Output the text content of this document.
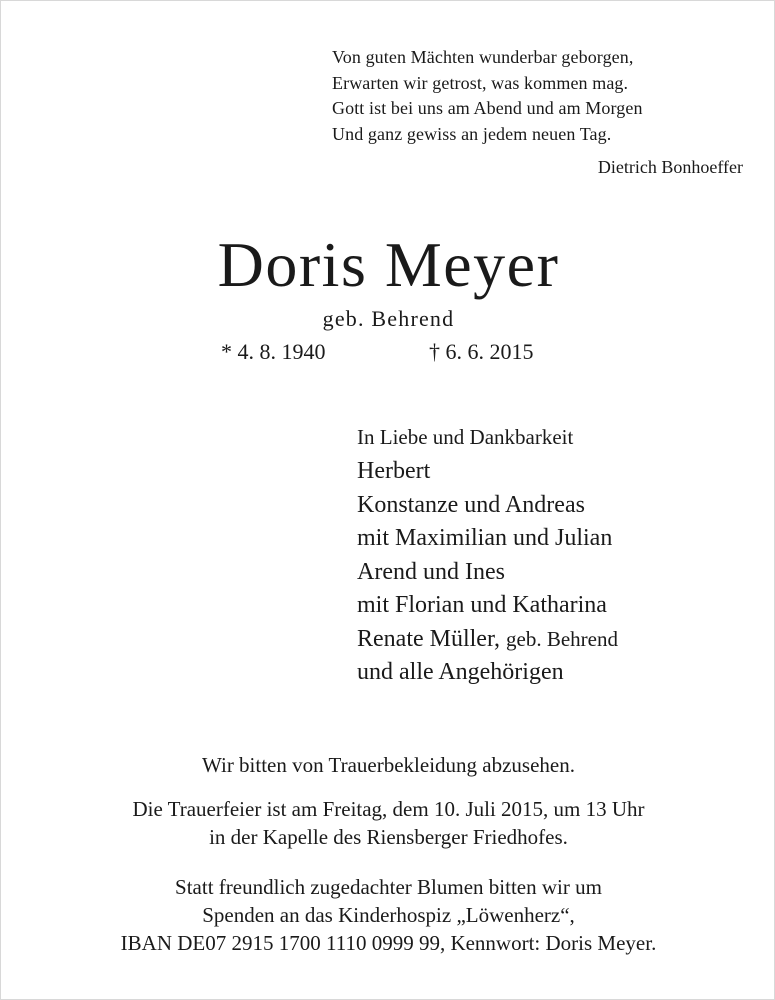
Von guten Mächten wunderbar geborgen,
Erwarten wir getrost, was kommen mag.
Gott ist bei uns am Abend und am Morgen
Und ganz gewiss an jedem neuen Tag.
Dietrich Bonhoeffer
Doris Meyer
geb. Behrend
* 4. 8. 1940	† 6. 6. 2015
In Liebe und Dankbarkeit
Herbert
Konstanze und Andreas
mit Maximilian und Julian
Arend und Ines
mit Florian und Katharina
Renate Müller, geb. Behrend
und alle Angehörigen
Wir bitten von Trauerbekleidung abzusehen.
Die Trauerfeier ist am Freitag, dem 10. Juli 2015, um 13 Uhr
in der Kapelle des Riensberger Friedhofes.
Statt freundlich zugedachter Blumen bitten wir um
Spenden an das Kinderhospiz „Löwenherz“,
IBAN DE07 2915 1700 1110 0999 99, Kennwort: Doris Meyer.
